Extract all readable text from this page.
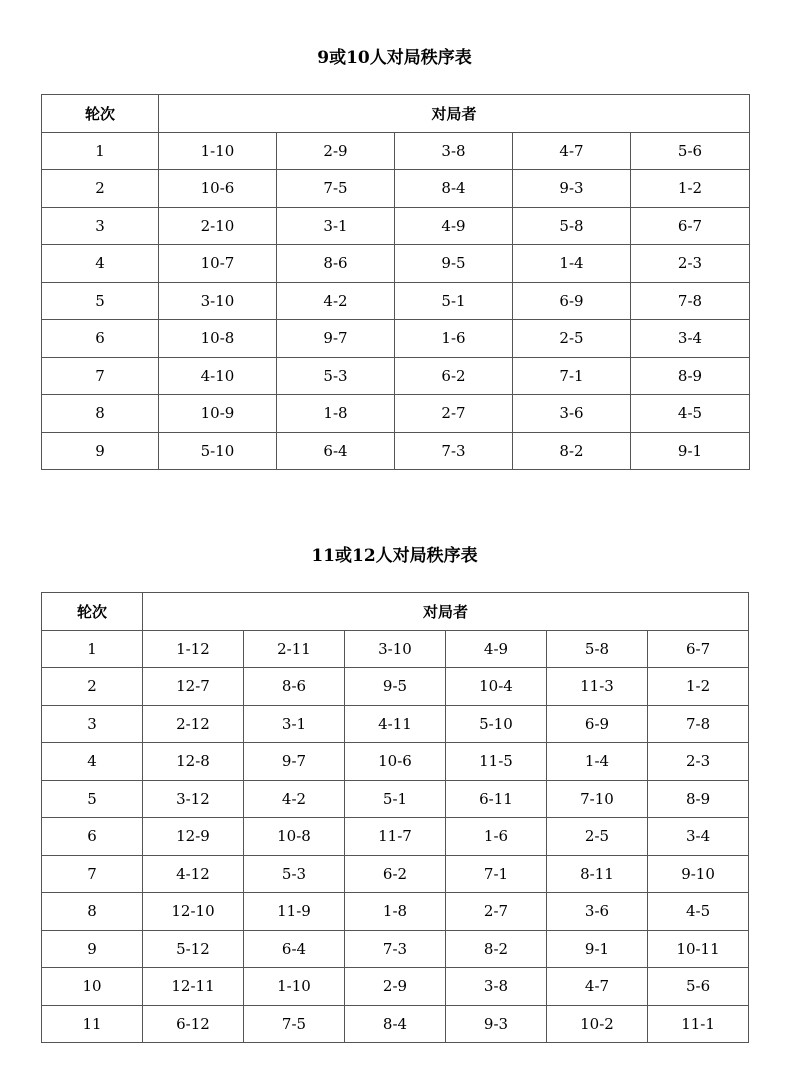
9或10人对局秩序表
轮次	对局者				
1	1-10	2-9	3-8	4-7	5-6
2	10-6	7-5	8-4	9-3	1-2
3	2-10	3-1	4-9	5-8	6-7
4	10-7	8-6	9-5	1-4	2-3
5	3-10	4-2	5-1	6-9	7-8
6	10-8	9-7	1-6	2-5	3-4
7	4-10	5-3	6-2	7-1	8-9
8	10-9	1-8	2-7	3-6	4-5
9	5-10	6-4	7-3	8-2	9-1
11或12人对局秩序表
轮次	对局者					
1	1-12	2-11	3-10	4-9	5-8	6-7
2	12-7	8-6	9-5	10-4	11-3	1-2
3	2-12	3-1	4-11	5-10	6-9	7-8
4	12-8	9-7	10-6	11-5	1-4	2-3
5	3-12	4-2	5-1	6-11	7-10	8-9
6	12-9	10-8	11-7	1-6	2-5	3-4
7	4-12	5-3	6-2	7-1	8-11	9-10
8	12-10	11-9	1-8	2-7	3-6	4-5
9	5-12	6-4	7-3	8-2	9-1	10-11
10	12-11	1-10	2-9	3-8	4-7	5-6
11	6-12	7-5	8-4	9-3	10-2	11-1
